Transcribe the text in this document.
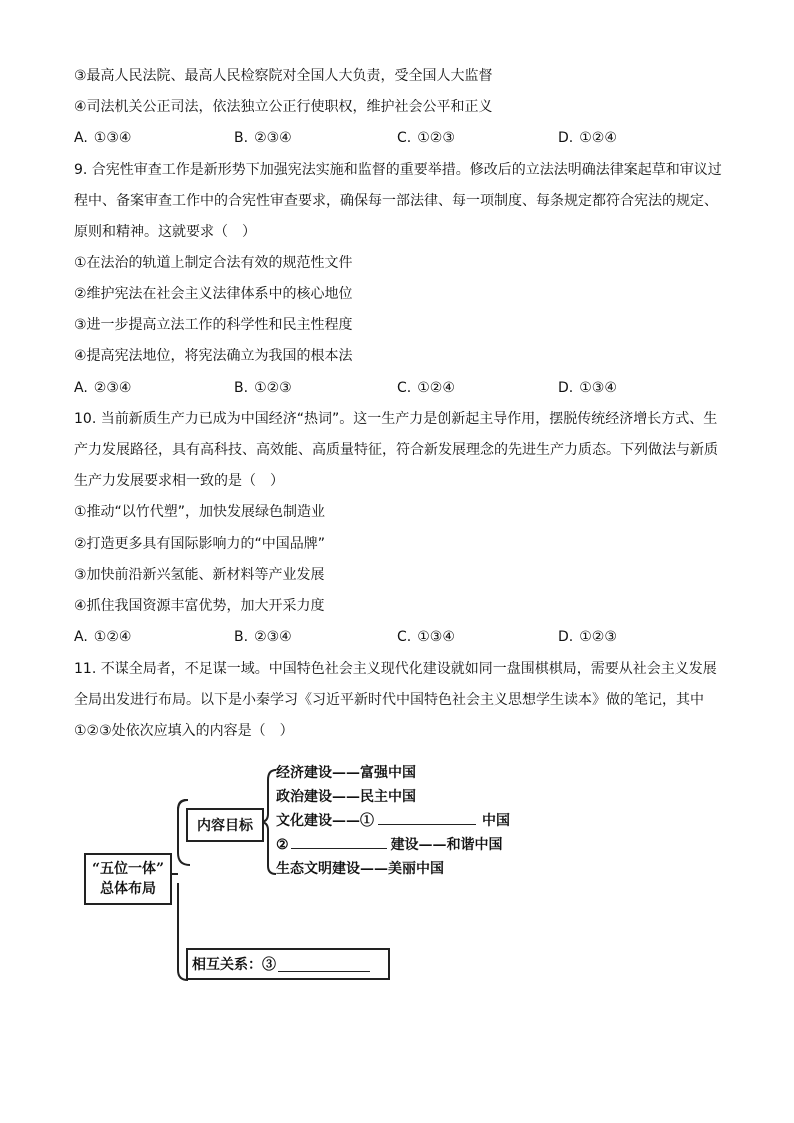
③最高人民法院、最高人民检察院对全国人大负责，受全国人大监督
④司法机关公正司法，依法独立公正行使职权，维护社会公平和正义
A. ①③④	B. ②③④	C. ①②③	D. ①②④
9. 合宪性审查工作是新形势下加强宪法实施和监督的重要举措。修改后的立法法明确法律案起草和审议过
程中、备案审查工作中的合宪性审查要求，确保每一部法律、每一项制度、每条规定都符合宪法的规定、
原则和精神。这就要求（　）
①在法治的轨道上制定合法有效的规范性文件
②维护宪法在社会主义法律体系中的核心地位
③进一步提高立法工作的科学性和民主性程度
④提高宪法地位，将宪法确立为我国的根本法
A. ②③④	B. ①②③	C. ①②④	D. ①③④
10. 当前新质生产力已成为中国经济“热词”。这一生产力是创新起主导作用，摆脱传统经济增长方式、生
产力发展路径，具有高科技、高效能、高质量特征，符合新发展理念的先进生产力质态。下列做法与新质
生产力发展要求相一致的是（　）
①推动“以竹代塑”，加快发展绿色制造业
②打造更多具有国际影响力的“中国品牌”
③加快前沿新兴氢能、新材料等产业发展
④抓住我国资源丰富优势，加大开采力度
A. ①②④	B. ②③④	C. ①③④	D. ①②③
11. 不谋全局者，不足谋一域。中国特色社会主义现代化建设就如同一盘围棋棋局，需要从社会主义发展
全局出发进行布局。以下是小秦学习《习近平新时代中国特色社会主义思想学生读本》做的笔记，其中
①②③处依次应填入的内容是（　）
“五位一体”
总体布局
内容目标
相互关系：③
经济建设——富强中国
政治建设——民主中国
文化建设——①	中国
②	建设——和谐中国
生态文明建设——美丽中国
